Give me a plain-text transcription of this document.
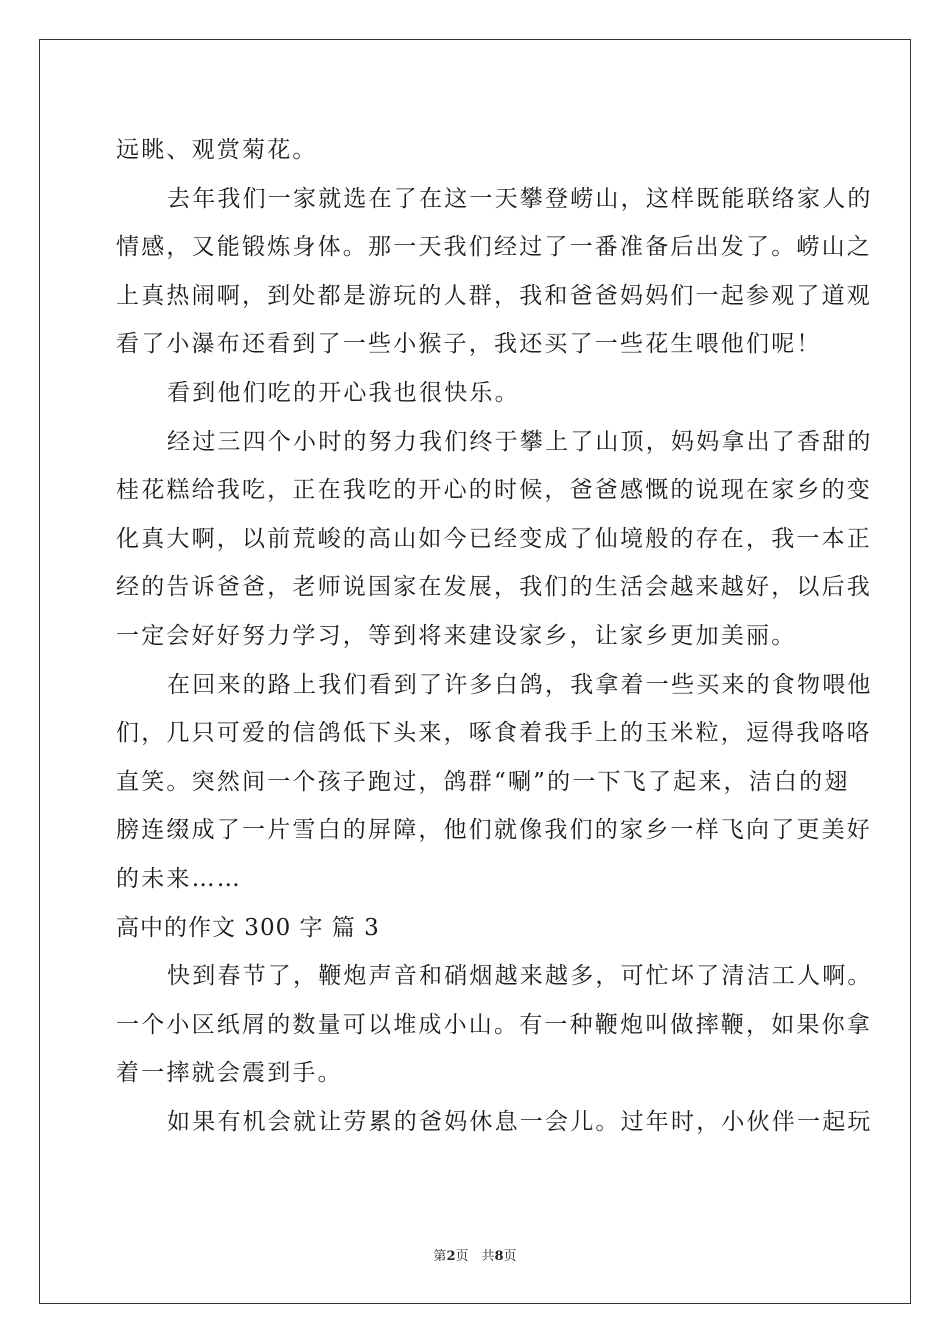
远眺、观赏菊花。
去年我们一家就选在了在这一天攀登崂山，这样既能联络家人的
情感，又能锻炼身体。那一天我们经过了一番准备后出发了。崂山之
上真热闹啊，到处都是游玩的人群，我和爸爸妈妈们一起参观了道观
看了小瀑布还看到了一些小猴子，我还买了一些花生喂他们呢！
看到他们吃的开心我也很快乐。
经过三四个小时的努力我们终于攀上了山顶，妈妈拿出了香甜的
桂花糕给我吃，正在我吃的开心的时候，爸爸感慨的说现在家乡的变
化真大啊，以前荒峻的高山如今已经变成了仙境般的存在，我一本正
经的告诉爸爸，老师说国家在发展，我们的生活会越来越好，以后我
一定会好好努力学习，等到将来建设家乡，让家乡更加美丽。
在回来的路上我们看到了许多白鸽，我拿着一些买来的食物喂他
们，几只可爱的信鸽低下头来，啄食着我手上的玉米粒，逗得我咯咯
直笑。突然间一个孩子跑过，鸽群“唰”的一下飞了起来，洁白的翅
膀连缀成了一片雪白的屏障，他们就像我们的家乡一样飞向了更美好
的未来……
高中的作文 300 字 篇 3
快到春节了，鞭炮声音和硝烟越来越多，可忙坏了清洁工人啊。
一个小区纸屑的数量可以堆成小山。有一种鞭炮叫做摔鞭，如果你拿
着一摔就会震到手。
如果有机会就让劳累的爸妈休息一会儿。过年时，小伙伴一起玩
第2页　共8页
